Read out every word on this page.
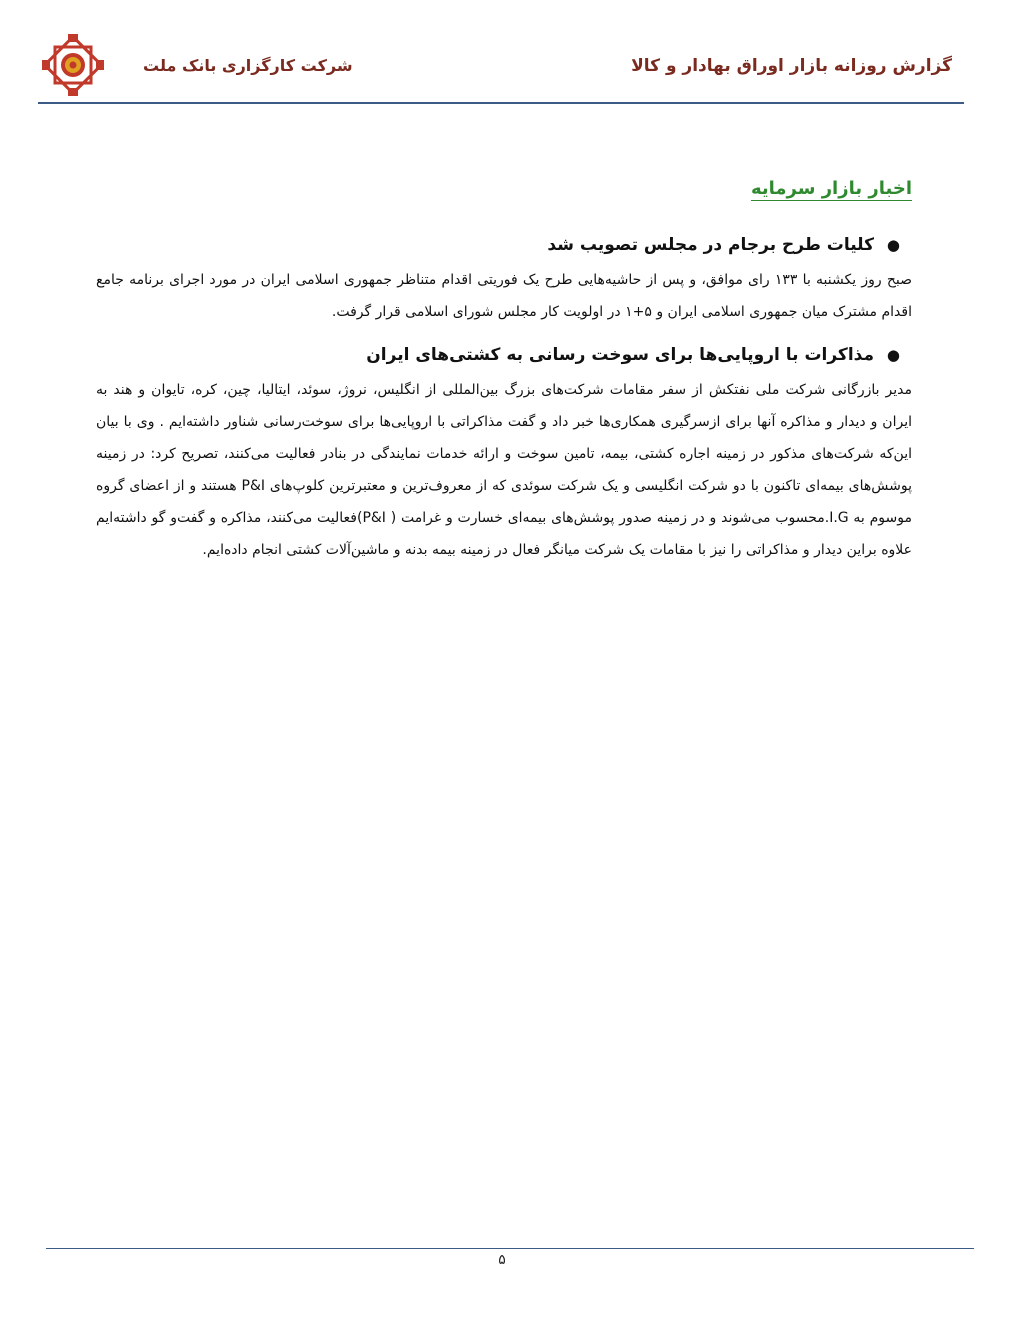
گزارش روزانه بازار اوراق بهادار و کالا
شرکت کارگزاری بانک ملت
اخبار بازار سرمایه
●
کلیات طرح برجام در مجلس تصویب شد

صبح روز یکشنبه با ۱۳۳ رای موافق، و پس از حاشیه‌هایی طرح یک فوریتی اقدام متناظر جمهوری اسلامی ایران در مورد اجرای برنامه جامع اقدام مشترک میان جمهوری اسلامی ایران و ۵+۱ در اولویت کار مجلس شورای اسلامی قرار گرفت.

●
مذاکرات با اروپایی‌ها برای سوخت رسانی به کشتی‌های ایران

مدیر بازرگانی شرکت ملی نفتکش از سفر مقامات شرکت‌های بزرگ بین‌المللی از انگلیس، نروژ، سوئد، ایتالیا، چین، کره، تایوان و هند به ایران و دیدار و مذاکره آنها برای ازسرگیری همکاری‌ها خبر داد و گفت مذاکراتی با اروپایی‌ها برای سوخت‌رسانی شناور داشته‌ایم . وی با بیان این‌که شرکت‌های مذکور در زمینه اجاره کشتی، بیمه، تامین سوخت و ارائه خدمات نمایندگی در بنادر فعالیت می‌کنند، تصریح کرد: در زمینه پوشش‌های بیمه‌ای تاکنون با دو شرکت انگلیسی و یک شرکت سوئدی که از معروف‌ترین و معتبرترین کلوپ‌های P&I هستند و از اعضای گروه موسوم به I.G.محسوب می‌شوند و در زمینه صدور پوشش‌های بیمه‌ای خسارت و غرامت ( P&I)فعالیت می‌کنند، مذاکره و گفت‌و گو داشته‌ایم علاوه براین دیدار و مذاکراتی را نیز با مقامات یک شرکت میانگر فعال در زمینه بیمه بدنه و ماشین‌آلات کشتی انجام داده‌ایم.

۵
